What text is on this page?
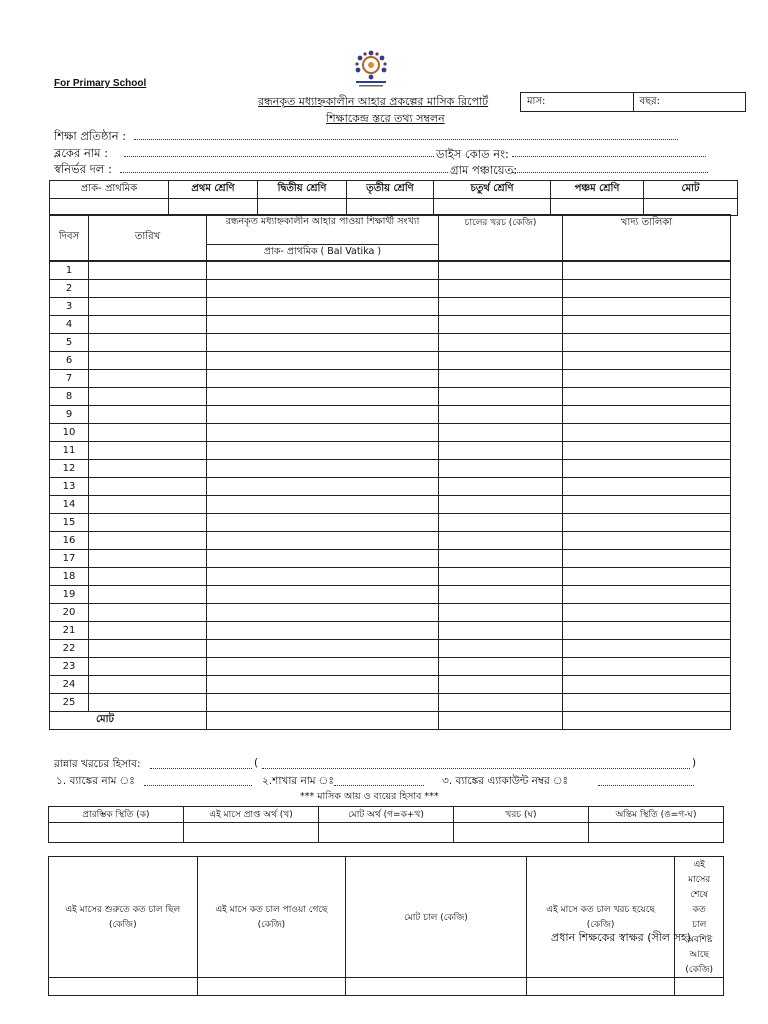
For Primary School
রন্ধনকৃত মধ্যাহ্নকালীন আহার প্রকল্পের মাসিক রিপোর্ট
শিক্ষাকেন্দ্র স্তরে তথ্য সম্বলন
মাস:	বছর:
শিক্ষা প্রতিষ্ঠান :
ব্লকের নাম :	ডাইস কোড নং:
স্বনির্ভর দল :	গ্রাম পঞ্চায়েত:
প্রাক- প্রাথমিক	প্রথম শ্রেণি	দ্বিতীয় শ্রেণি	তৃতীয় শ্রেণি	চতুর্থ শ্রেণি	পঞ্চম শ্রেণি	মোট

দিবস	তারিখ	রন্ধনকৃত মধ্যাহ্নকালীন আহার পাওয়া শিক্ষার্থী সংখ্যা	চালের খরচ (কেজি)	খাদ্য তালিকা
		প্রাক- প্রাথমিক ( Bal Vatika )		

1				
2				
3				
4				
5				
6				
7				
8				
9				
10				
11				
12				
13				
14				
15				
16				
17				
18				
19				
20				
21				
22				
23				
24				
25				
মোট				
রান্নার খরচের হিসাব:	(	)
১. ব্যাঙ্কের নাম ঃ	২.শাখার নাম ঃ	৩. ব্যাঙ্কের এ্যাকাউন্ট নম্বর ঃ
*** মাসিক আয় ও ব্যয়ের হিসাব ***
প্রারম্ভিক স্থিতি (ক)	এই মাসে প্রাপ্ত অর্থ (খ)	মোট অর্থ (গ=ক+খ)	খরচ (ঘ)	অন্তিম স্থিতি (ঙ=গ-ঘ)

এই মাসের শুরুতে কত চাল ছিল (কেজি)	এই মাসে কত চাল পাওয়া গেছে (কেজি)	মোট চাল (কেজি)	এই মাসে কত চাল খরচ হয়েছে (কেজি)	এই মাসের শেষে কত চাল অবশিষ্ট আছে (কেজি)

প্রধান শিক্ষকের স্বাক্ষর (সীল সহ)
